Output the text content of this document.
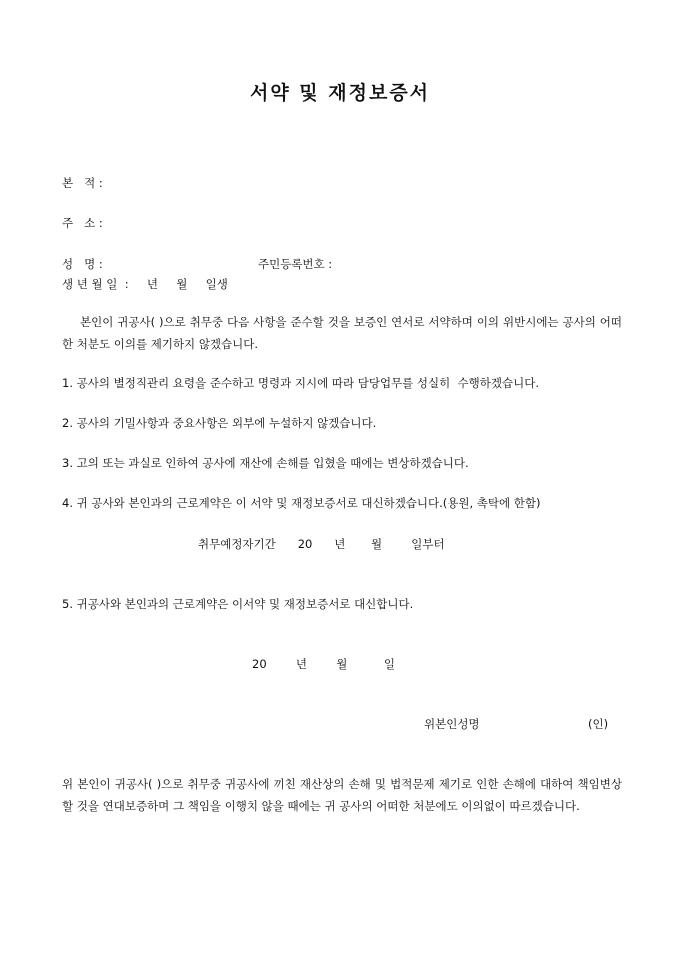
서약 및 재정보증서
본   적 :
주   소 :
성   명 :	주민등록번호 :
생 년 월 일  :     년     월     일생
본인이 귀공사( )으로 취무중 다음 사항을 준수할 것을 보증인 연서로 서약하며 이의 위반시에는 공사의 어떠한 처분도 이의를 제기하지 않겠습니다.
1. 공사의 별정직관리 요령을 준수하고 명령과 지시에 따라 담당업무를 성실히  수행하겠습니다.
2. 공사의 기밀사항과 중요사항은 외부에 누설하지 않겠습니다.
3. 고의 또는 과실로 인하여 공사에 재산에 손해를 입혔을 때에는 변상하겠습니다.
4. 귀 공사와 본인과의 근로계약은 이 서약 및 재정보증서로 대신하겠습니다.(용원, 촉탁에 한함)
취무예정자기간      20      년       월        일부터
5. 귀공사와 본인과의 근로계약은 이서약 및 재정보증서로 대신합니다.
20        년        월          일
위본인성명	(인)
위 본인이 귀공사( )으로 취무중 귀공사에 끼친 재산상의 손해 및 법적문제 제기로 인한 손해에 대하여 책임변상 할 것을 연대보증하며 그 책임을 이행치 않을 때에는 귀 공사의 어떠한 처분에도 이의없이 따르겠습니다.
